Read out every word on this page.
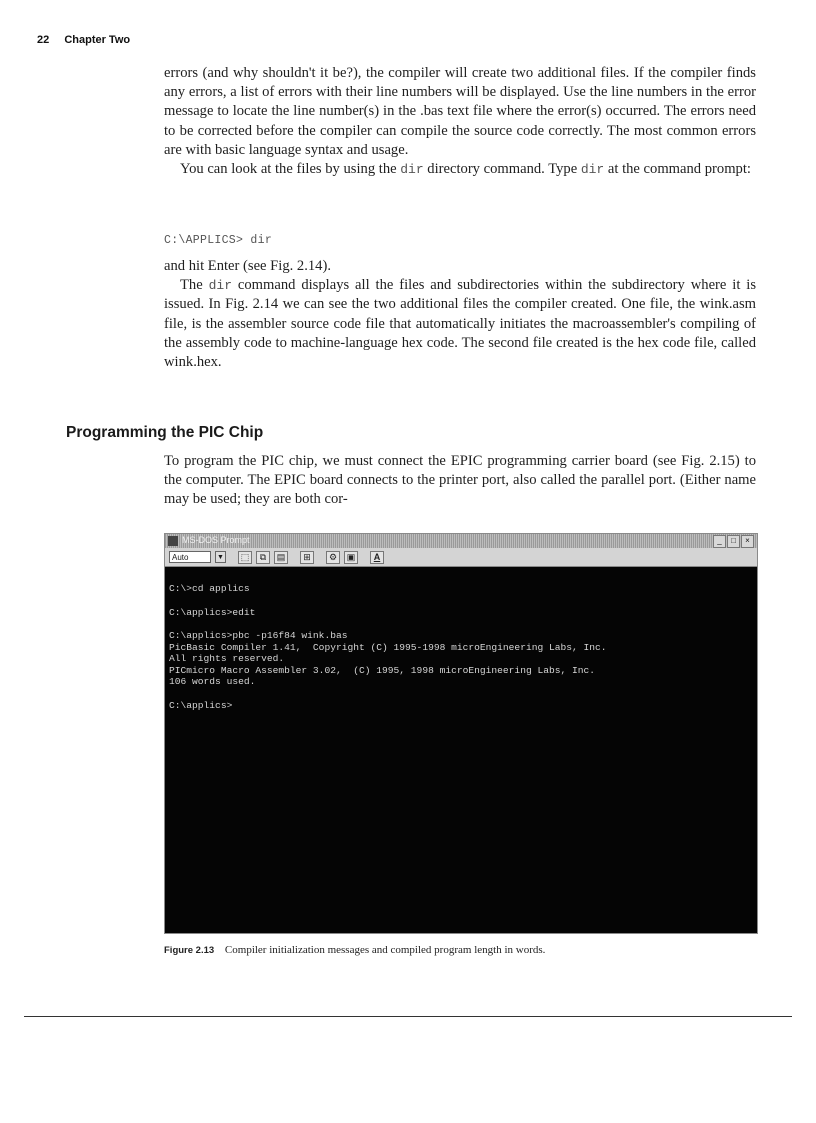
22 Chapter Two

errors (and why shouldn't it be?), the compiler will create two additional files. If the compiler finds any errors, a list of errors with their line numbers will be displayed. Use the line numbers in the error message to locate the line number(s) in the .bas text file where the error(s) occurred. The errors need to be corrected before the compiler can compile the source code correctly. The most common errors are with basic language syntax and usage.

You can look at the files by using the dir directory command. Type dir at the command prompt:

C:\APPLICS> dir

and hit Enter (see Fig. 2.14).

The dir command displays all the files and subdirectories within the subdirectory where it is issued. In Fig. 2.14 we can see the two additional files the compiler created. One file, the wink.asm file, is the assembler source code file that automatically initiates the macroassembler's compiling of the assembly code to machine-language hex code. The second file created is the hex code file, called wink.hex.

Programming the PIC Chip

To program the PIC chip, we must connect the EPIC programming carrier board (see Fig. 2.15) to the computer. The EPIC board connects to the printer port, also called the parallel port. (Either name may be used; they are both cor-

MS-DOS Prompt	_	□	×
Auto	▼	⬚	⧉	▤	⊞	⚙	▣	A

C:\>cd applics

C:\applics>edit

C:\applics>pbc -p16f84 wink.bas

PicBasic Compiler 1.41,  Copyright (C) 1995-1998 microEngineering Labs, Inc.

All rights reserved.

PICmicro Macro Assembler 3.02,  (C) 1995, 1998 microEngineering Labs, Inc.

106 words used.

C:\applics>

Figure 2.13 Compiler initialization messages and compiled program length in words.
